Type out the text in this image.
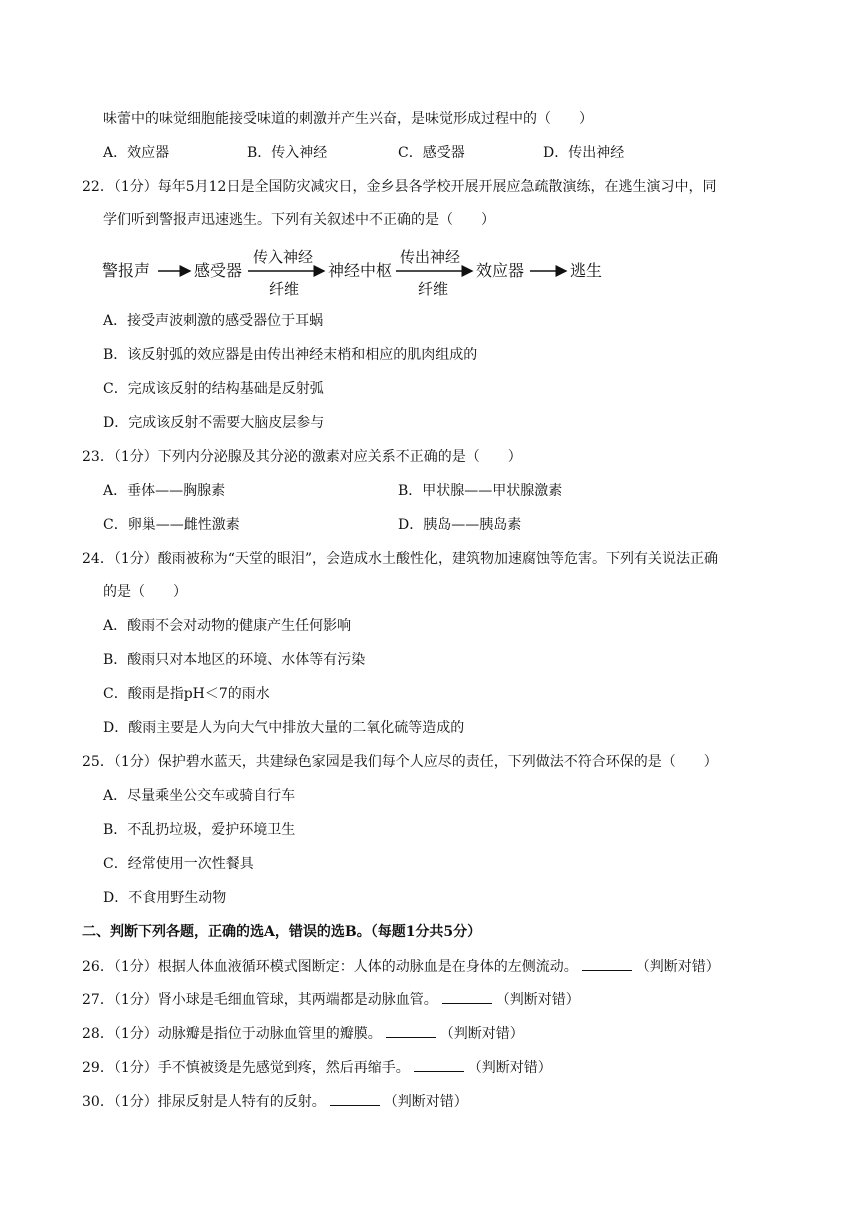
味蕾中的味觉细胞能接受味道的刺激并产生兴奋，是味觉形成过程中的（　　）
A．效应器	B．传入神经	C．感受器	D．传出神经
22．（1分）每年5月12日是全国防灾减灾日，金乡县各学校开展开展应急疏散演练，在逃生演习中，同
学们听到警报声迅速逃生。下列有关叙述中不正确的是（　　）
警报声	感受器	神经中枢	效应器	逃生
传入神经
纤维
传出神经
纤维
A．接受声波刺激的感受器位于耳蜗
B．该反射弧的效应器是由传出神经末梢和相应的肌肉组成的
C．完成该反射的结构基础是反射弧
D．完成该反射不需要大脑皮层参与
23．（1分）下列内分泌腺及其分泌的激素对应关系不正确的是（　　）
A．垂体——胸腺素	B．甲状腺——甲状腺激素
C．卵巢——雌性激素	D．胰岛——胰岛素
24．（1分）酸雨被称为“天堂的眼泪”，会造成水土酸性化，建筑物加速腐蚀等危害。下列有关说法正确
的是（　　）
A．酸雨不会对动物的健康产生任何影响
B．酸雨只对本地区的环境、水体等有污染
C．酸雨是指pH＜7的雨水
D．酸雨主要是人为向大气中排放大量的二氧化硫等造成的
25．（1分）保护碧水蓝天，共建绿色家园是我们每个人应尽的责任，下列做法不符合环保的是（　　）
A．尽量乘坐公交车或骑自行车
B．不乱扔垃圾，爱护环境卫生
C．经常使用一次性餐具
D．不食用野生动物
二、判断下列各题，正确的选A，错误的选B。（每题1分共5分）
26．（1分）根据人体血液循环模式图断定：人体的动脉血是在身体的左侧流动。	（判断对错）
27．（1分）肾小球是毛细血管球，其两端都是动脉血管。	（判断对错）
28．（1分）动脉瓣是指位于动脉血管里的瓣膜。	（判断对错）
29．（1分）手不慎被烫是先感觉到疼，然后再缩手。	（判断对错）
30．（1分）排尿反射是人特有的反射。	（判断对错）
